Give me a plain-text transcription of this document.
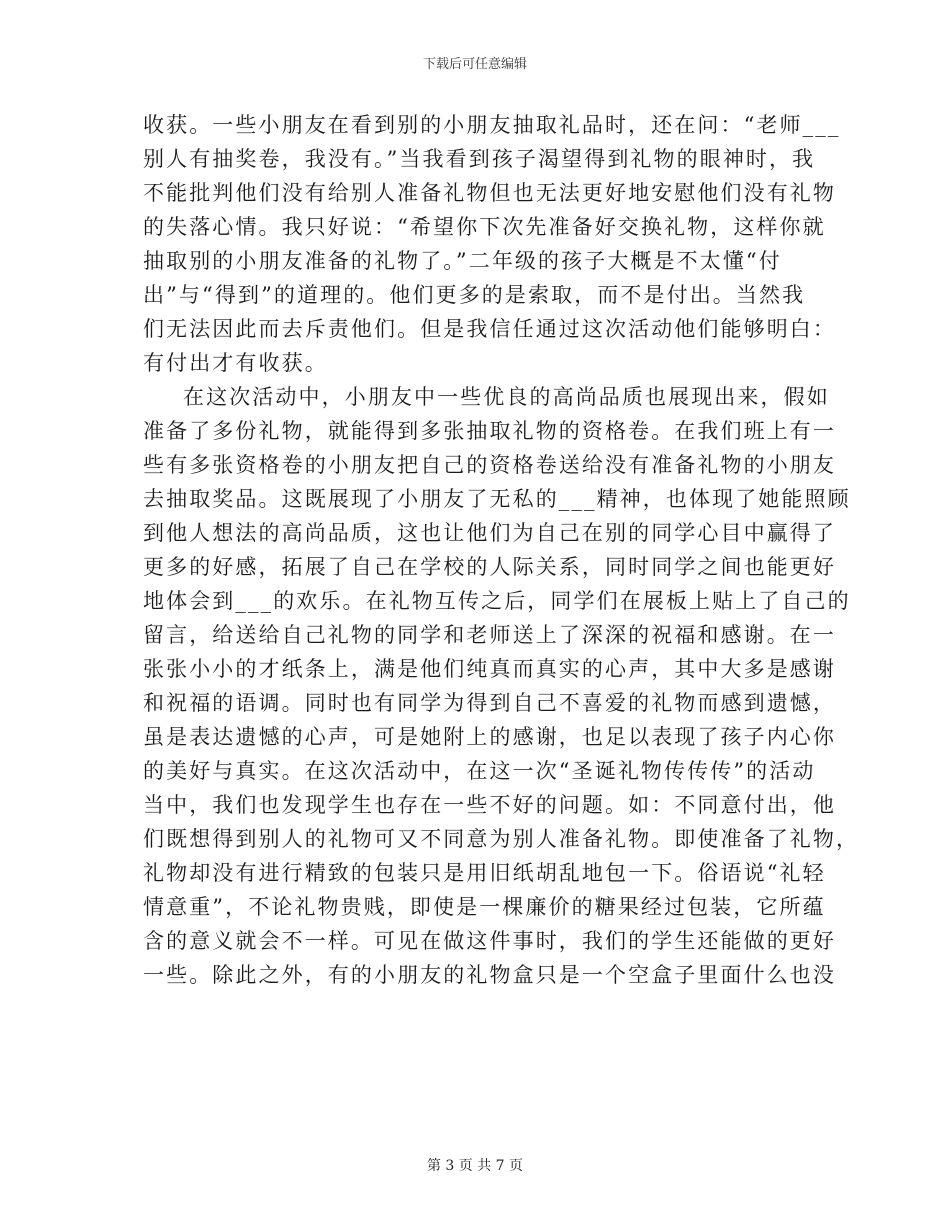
下载后可任意编辑
收获。一些小朋友在看到别的小朋友抽取礼品时，还在问：“老师___
别人有抽奖卷，我没有。”当我看到孩子渴望得到礼物的眼神时，我
不能批判他们没有给别人准备礼物但也无法更好地安慰他们没有礼物
的失落心情。我只好说：“希望你下次先准备好交换礼物，这样你就
抽取别的小朋友准备的礼物了。”二年级的孩子大概是不太懂“付
出”与“得到”的道理的。他们更多的是索取，而不是付出。当然我
们无法因此而去斥责他们。但是我信任通过这次活动他们能够明白：
有付出才有收获。
在这次活动中，小朋友中一些优良的高尚品质也展现出来，假如
准备了多份礼物，就能得到多张抽取礼物的资格卷。在我们班上有一
些有多张资格卷的小朋友把自己的资格卷送给没有准备礼物的小朋友
去抽取奖品。这既展现了小朋友了无私的___精神，也体现了她能照顾
到他人想法的高尚品质，这也让他们为自己在别的同学心目中赢得了
更多的好感，拓展了自己在学校的人际关系，同时同学之间也能更好
地体会到___的欢乐。在礼物互传之后，同学们在展板上贴上了自己的
留言，给送给自己礼物的同学和老师送上了深深的祝福和感谢。在一
张张小小的才纸条上，满是他们纯真而真实的心声，其中大多是感谢
和祝福的语调。同时也有同学为得到自己不喜爱的礼物而感到遗憾，
虽是表达遗憾的心声，可是她附上的感谢，也足以表现了孩子内心你
的美好与真实。在这次活动中，在这一次“圣诞礼物传传传”的活动
当中，我们也发现学生也存在一些不好的问题。如：不同意付出，他
们既想得到别人的礼物可又不同意为别人准备礼物。即使准备了礼物，
礼物却没有进行精致的包装只是用旧纸胡乱地包一下。俗语说“礼轻
情意重”，不论礼物贵贱，即使是一棵廉价的糖果经过包装，它所蕴
含的意义就会不一样。可见在做这件事时，我们的学生还能做的更好
一些。除此之外，有的小朋友的礼物盒只是一个空盒子里面什么也没
第 3 页 共 7 页
